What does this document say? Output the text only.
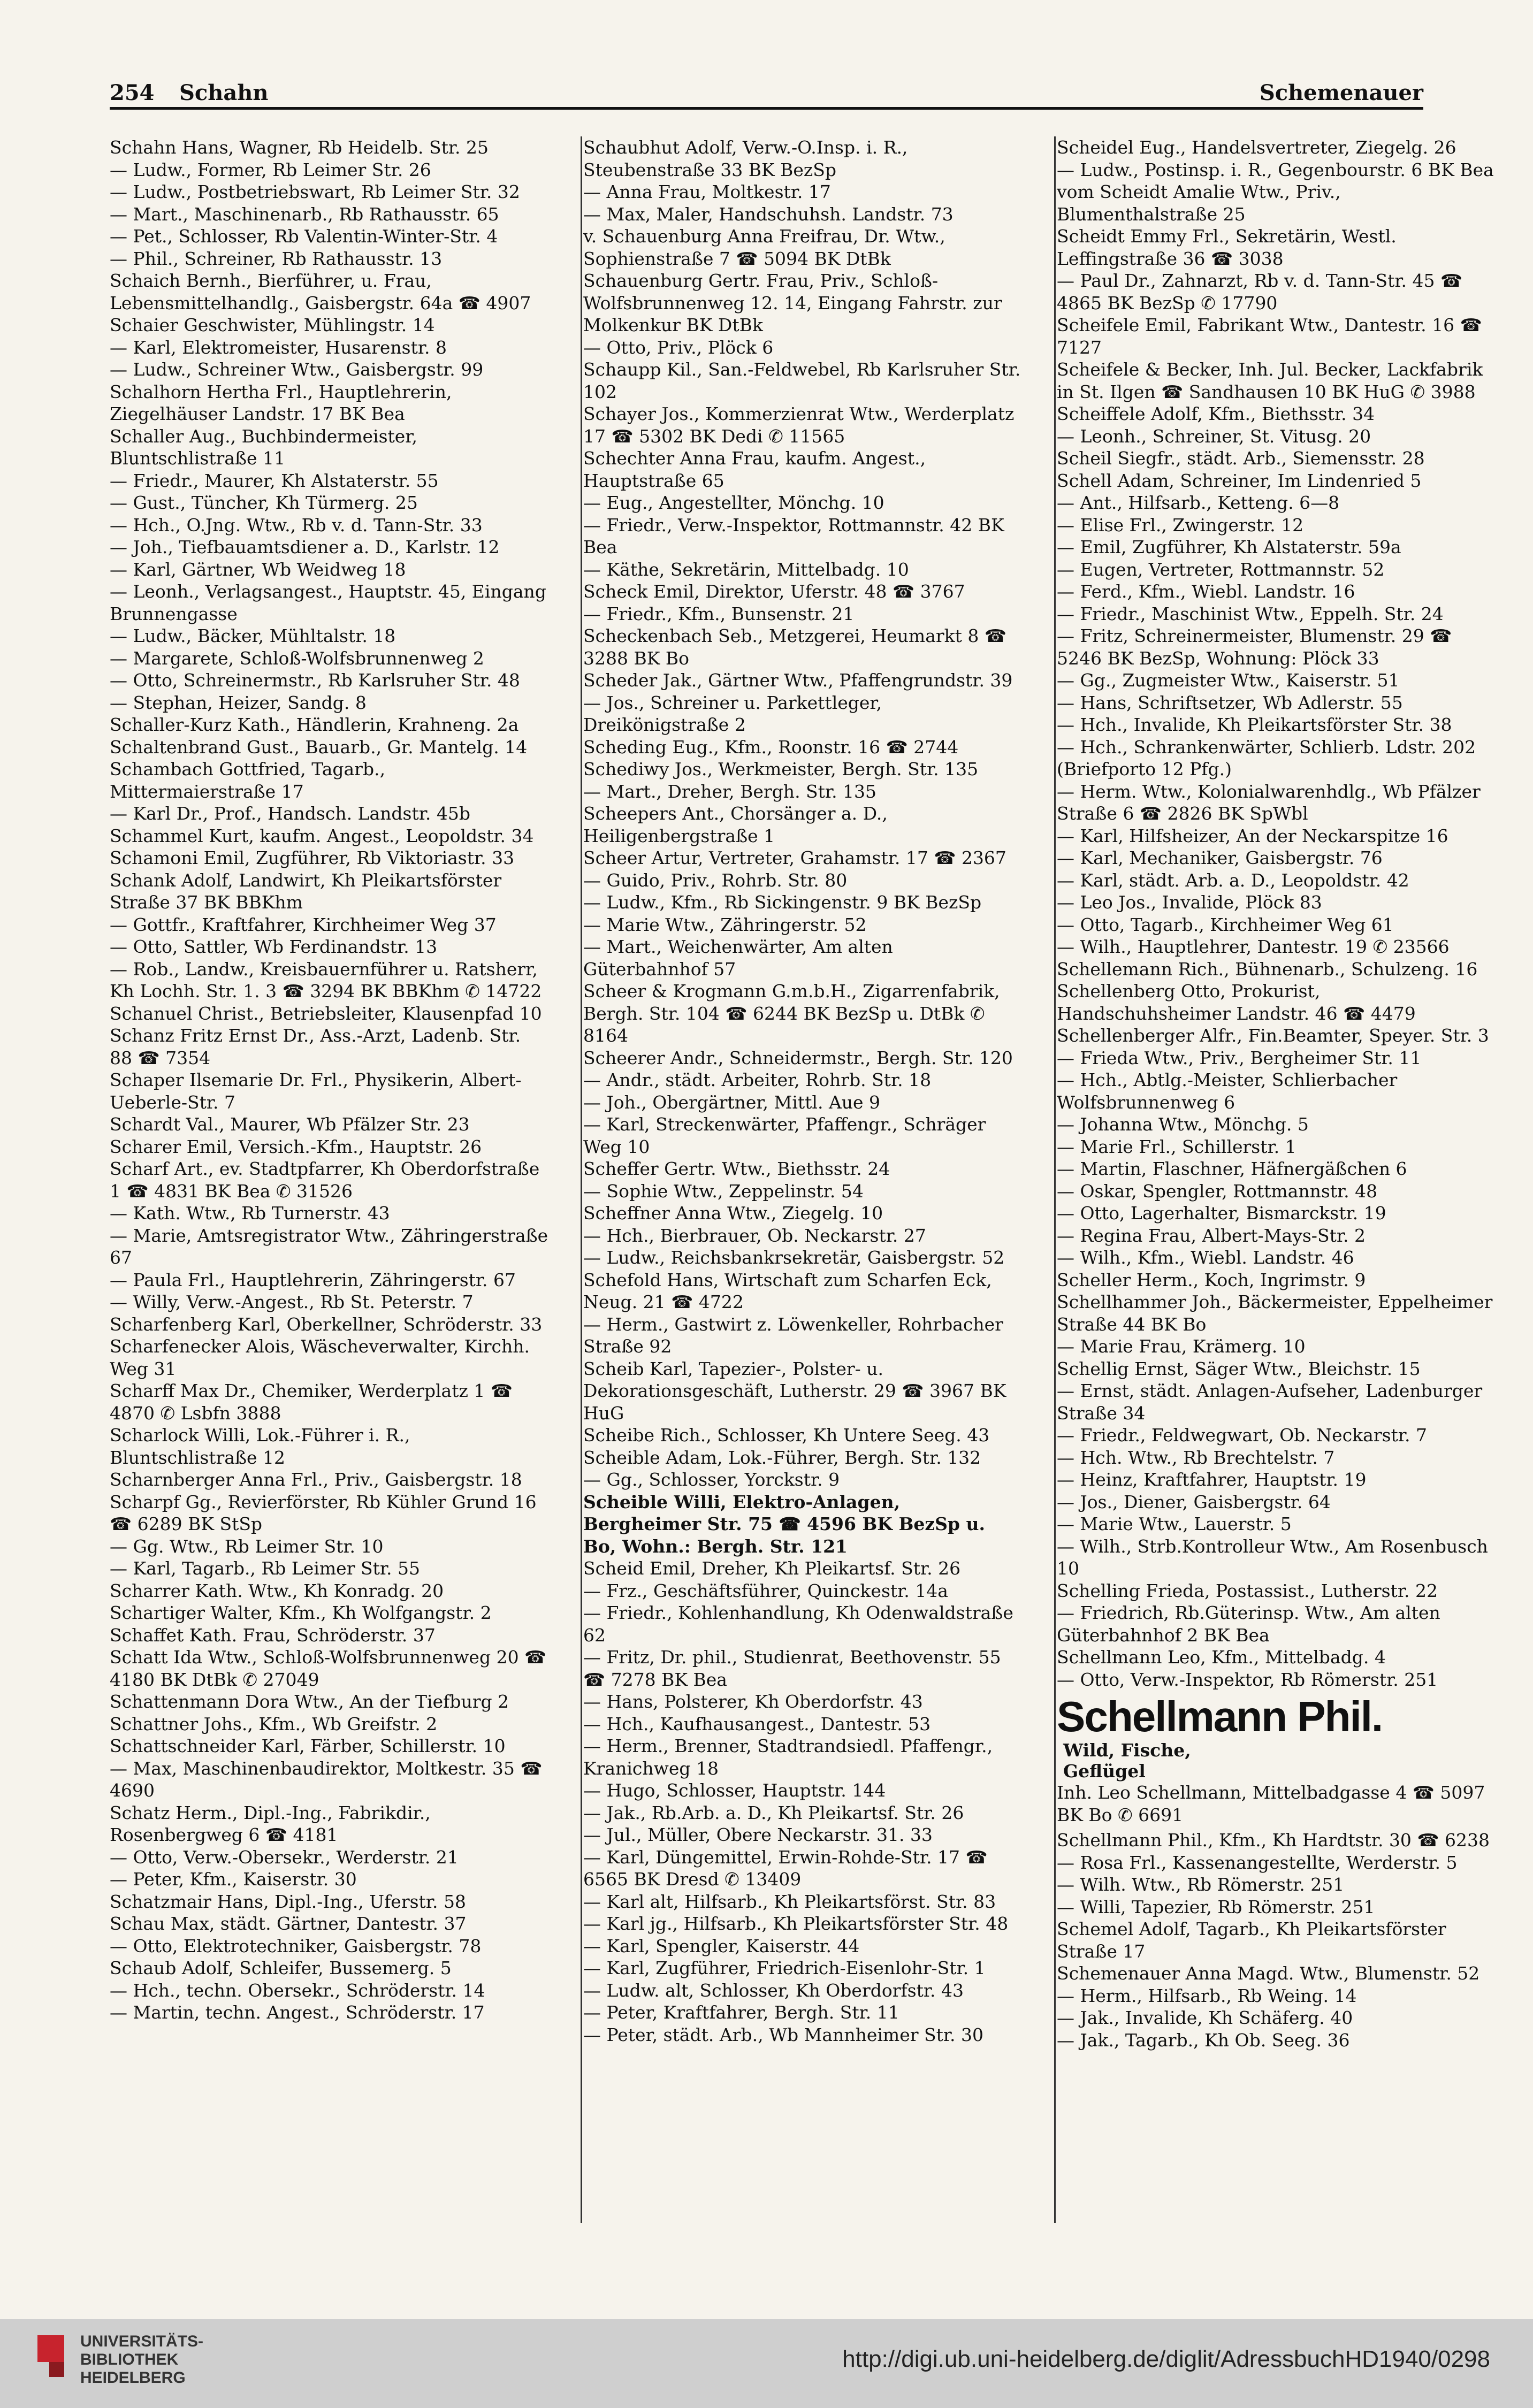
254 Schahn	Schemenauer
Schahn Hans, Wagner, Rb Heidelb. Str. 25
— Ludw., Former, Rb Leimer Str. 26
— Ludw., Postbetriebswart, Rb Leimer Str. 32
— Mart., Maschinenarb., Rb Rathausstr. 65
— Pet., Schlosser, Rb Valentin-Winter-Str. 4
— Phil., Schreiner, Rb Rathausstr. 13
Schaich Bernh., Bierführer, u. Frau, Lebensmittelhandlg., Gaisbergstr. 64a ☎ 4907
Schaier Geschwister, Mühlingstr. 14
— Karl, Elektromeister, Husarenstr. 8
— Ludw., Schreiner Wtw., Gaisbergstr. 99
Schalhorn Hertha Frl., Hauptlehrerin, Ziegelhäuser Landstr. 17 BK Bea
Schaller Aug., Buchbindermeister, Bluntschlistraße 11
— Friedr., Maurer, Kh Alstaterstr. 55
— Gust., Tüncher, Kh Türmerg. 25
— Hch., O.Jng. Wtw., Rb v. d. Tann-Str. 33
— Joh., Tiefbauamtsdiener a. D., Karlstr. 12
— Karl, Gärtner, Wb Weidweg 18
— Leonh., Verlagsangest., Hauptstr. 45, Eingang Brunnengasse
— Ludw., Bäcker, Mühltalstr. 18
— Margarete, Schloß-Wolfsbrunnenweg 2
— Otto, Schreinermstr., Rb Karlsruher Str. 48
— Stephan, Heizer, Sandg. 8
Schaller-Kurz Kath., Händlerin, Krahneng. 2a
Schaltenbrand Gust., Bauarb., Gr. Mantelg. 14
Schambach Gottfried, Tagarb., Mittermaierstraße 17
— Karl Dr., Prof., Handsch. Landstr. 45b
Schammel Kurt, kaufm. Angest., Leopoldstr. 34
Schamoni Emil, Zugführer, Rb Viktoriastr. 33
Schank Adolf, Landwirt, Kh Pleikartsförster Straße 37 BK BBKhm
— Gottfr., Kraftfahrer, Kirchheimer Weg 37
— Otto, Sattler, Wb Ferdinandstr. 13
— Rob., Landw., Kreisbauernführer u. Ratsherr, Kh Lochh. Str. 1. 3 ☎ 3294 BK BBKhm ✆ 14722
Schanuel Christ., Betriebsleiter, Klausenpfad 10
Schanz Fritz Ernst Dr., Ass.-Arzt, Ladenb. Str. 88 ☎ 7354
Schaper Ilsemarie Dr. Frl., Physikerin, Albert-Ueberle-Str. 7
Schardt Val., Maurer, Wb Pfälzer Str. 23
Scharer Emil, Versich.-Kfm., Hauptstr. 26
Scharf Art., ev. Stadtpfarrer, Kh Oberdorfstraße 1 ☎ 4831 BK Bea ✆ 31526
— Kath. Wtw., Rb Turnerstr. 43
— Marie, Amtsregistrator Wtw., Zähringerstraße 67
— Paula Frl., Hauptlehrerin, Zähringerstr. 67
— Willy, Verw.-Angest., Rb St. Peterstr. 7
Scharfenberg Karl, Oberkellner, Schröderstr. 33
Scharfenecker Alois, Wäscheverwalter, Kirchh. Weg 31
Scharff Max Dr., Chemiker, Werderplatz 1 ☎ 4870 ✆ Lsbfn 3888
Scharlock Willi, Lok.-Führer i. R., Bluntschlistraße 12
Scharnberger Anna Frl., Priv., Gaisbergstr. 18
Scharpf Gg., Revierförster, Rb Kühler Grund 16 ☎ 6289 BK StSp
— Gg. Wtw., Rb Leimer Str. 10
— Karl, Tagarb., Rb Leimer Str. 55
Scharrer Kath. Wtw., Kh Konradg. 20
Schartiger Walter, Kfm., Kh Wolfgangstr. 2
Schaffet Kath. Frau, Schröderstr. 37
Schatt Ida Wtw., Schloß-Wolfsbrunnenweg 20 ☎ 4180 BK DtBk ✆ 27049
Schattenmann Dora Wtw., An der Tiefburg 2
Schattner Johs., Kfm., Wb Greifstr. 2
Schattschneider Karl, Färber, Schillerstr. 10
— Max, Maschinenbaudirektor, Moltkestr. 35 ☎ 4690
Schatz Herm., Dipl.-Ing., Fabrikdir., Rosenbergweg 6 ☎ 4181
— Otto, Verw.-Obersekr., Werderstr. 21
— Peter, Kfm., Kaiserstr. 30
Schatzmair Hans, Dipl.-Ing., Uferstr. 58
Schau Max, städt. Gärtner, Dantestr. 37
— Otto, Elektrotechniker, Gaisbergstr. 78
Schaub Adolf, Schleifer, Bussemerg. 5
— Hch., techn. Obersekr., Schröderstr. 14
— Martin, techn. Angest., Schröderstr. 17
Schaubhut Adolf, Verw.-O.Insp. i. R., Steubenstraße 33 BK BezSp
— Anna Frau, Moltkestr. 17
— Max, Maler, Handschuhsh. Landstr. 73
v. Schauenburg Anna Freifrau, Dr. Wtw., Sophienstraße 7 ☎ 5094 BK DtBk
Schauenburg Gertr. Frau, Priv., Schloß-Wolfsbrunnenweg 12. 14, Eingang Fahrstr. zur Molkenkur BK DtBk
— Otto, Priv., Plöck 6
Schaupp Kil., San.-Feldwebel, Rb Karlsruher Str. 102
Schayer Jos., Kommerzienrat Wtw., Werderplatz 17 ☎ 5302 BK Dedi ✆ 11565
Schechter Anna Frau, kaufm. Angest., Hauptstraße 65
— Eug., Angestellter, Mönchg. 10
— Friedr., Verw.-Inspektor, Rottmannstr. 42 BK Bea
— Käthe, Sekretärin, Mittelbadg. 10
Scheck Emil, Direktor, Uferstr. 48 ☎ 3767
— Friedr., Kfm., Bunsenstr. 21
Scheckenbach Seb., Metzgerei, Heumarkt 8 ☎ 3288 BK Bo
Scheder Jak., Gärtner Wtw., Pfaffengrundstr. 39
— Jos., Schreiner u. Parkettleger, Dreikönigstraße 2
Scheding Eug., Kfm., Roonstr. 16 ☎ 2744
Schediwy Jos., Werkmeister, Bergh. Str. 135
— Mart., Dreher, Bergh. Str. 135
Scheepers Ant., Chorsänger a. D., Heiligenbergstraße 1
Scheer Artur, Vertreter, Grahamstr. 17 ☎ 2367
— Guido, Priv., Rohrb. Str. 80
— Ludw., Kfm., Rb Sickingenstr. 9 BK BezSp
— Marie Wtw., Zähringerstr. 52
— Mart., Weichenwärter, Am alten Güterbahnhof 57
Scheer & Krogmann G.m.b.H., Zigarrenfabrik, Bergh. Str. 104 ☎ 6244 BK BezSp u. DtBk ✆ 8164
Scheerer Andr., Schneidermstr., Bergh. Str. 120
— Andr., städt. Arbeiter, Rohrb. Str. 18
— Joh., Obergärtner, Mittl. Aue 9
— Karl, Streckenwärter, Pfaffengr., Schräger Weg 10
Scheffer Gertr. Wtw., Biethsstr. 24
— Sophie Wtw., Zeppelinstr. 54
Scheffner Anna Wtw., Ziegelg. 10
— Hch., Bierbrauer, Ob. Neckarstr. 27
— Ludw., Reichsbankrsekretär, Gaisbergstr. 52
Schefold Hans, Wirtschaft zum Scharfen Eck, Neug. 21 ☎ 4722
— Herm., Gastwirt z. Löwenkeller, Rohrbacher Straße 92
Scheib Karl, Tapezier-, Polster- u. Dekorationsgeschäft, Lutherstr. 29 ☎ 3967 BK HuG
Scheibe Rich., Schlosser, Kh Untere Seeg. 43
Scheible Adam, Lok.-Führer, Bergh. Str. 132
— Gg., Schlosser, Yorckstr. 9
Scheible Willi, Elektro-Anlagen, Bergheimer Str. 75 ☎ 4596 BK BezSp u. Bo, Wohn.: Bergh. Str. 121
Scheid Emil, Dreher, Kh Pleikartsf. Str. 26
— Frz., Geschäftsführer, Quinckestr. 14a
— Friedr., Kohlenhandlung, Kh Odenwaldstraße 62
— Fritz, Dr. phil., Studienrat, Beethovenstr. 55 ☎ 7278 BK Bea
— Hans, Polsterer, Kh Oberdorfstr. 43
— Hch., Kaufhausangest., Dantestr. 53
— Herm., Brenner, Stadtrandsiedl. Pfaffengr., Kranichweg 18
— Hugo, Schlosser, Hauptstr. 144
— Jak., Rb.Arb. a. D., Kh Pleikartsf. Str. 26
— Jul., Müller, Obere Neckarstr. 31. 33
— Karl, Düngemittel, Erwin-Rohde-Str. 17 ☎ 6565 BK Dresd ✆ 13409
— Karl alt, Hilfsarb., Kh Pleikartsförst. Str. 83
— Karl jg., Hilfsarb., Kh Pleikartsförster Str. 48
— Karl, Spengler, Kaiserstr. 44
— Karl, Zugführer, Friedrich-Eisenlohr-Str. 1
— Ludw. alt, Schlosser, Kh Oberdorfstr. 43
— Peter, Kraftfahrer, Bergh. Str. 11
— Peter, städt. Arb., Wb Mannheimer Str. 30
Scheidel Eug., Handelsvertreter, Ziegelg. 26
— Ludw., Postinsp. i. R., Gegenbourstr. 6 BK Bea
vom Scheidt Amalie Wtw., Priv., Blumenthalstraße 25
Scheidt Emmy Frl., Sekretärin, Westl. Leffingstraße 36 ☎ 3038
— Paul Dr., Zahnarzt, Rb v. d. Tann-Str. 45 ☎ 4865 BK BezSp ✆ 17790
Scheifele Emil, Fabrikant Wtw., Dantestr. 16 ☎ 7127
Scheifele & Becker, Inh. Jul. Becker, Lackfabrik in St. Ilgen ☎ Sandhausen 10 BK HuG ✆ 3988
Scheiffele Adolf, Kfm., Biethsstr. 34
— Leonh., Schreiner, St. Vitusg. 20
Scheil Siegfr., städt. Arb., Siemensstr. 28
Schell Adam, Schreiner, Im Lindenried 5
— Ant., Hilfsarb., Ketteng. 6—8
— Elise Frl., Zwingerstr. 12
— Emil, Zugführer, Kh Alstaterstr. 59a
— Eugen, Vertreter, Rottmannstr. 52
— Ferd., Kfm., Wiebl. Landstr. 16
— Friedr., Maschinist Wtw., Eppelh. Str. 24
— Fritz, Schreinermeister, Blumenstr. 29 ☎ 5246 BK BezSp, Wohnung: Plöck 33
— Gg., Zugmeister Wtw., Kaiserstr. 51
— Hans, Schriftsetzer, Wb Adlerstr. 55
— Hch., Invalide, Kh Pleikartsförster Str. 38
— Hch., Schrankenwärter, Schlierb. Ldstr. 202 (Briefporto 12 Pfg.)
— Herm. Wtw., Kolonialwarenhdlg., Wb Pfälzer Straße 6 ☎ 2826 BK SpWbl
— Karl, Hilfsheizer, An der Neckarspitze 16
— Karl, Mechaniker, Gaisbergstr. 76
— Karl, städt. Arb. a. D., Leopoldstr. 42
— Leo Jos., Invalide, Plöck 83
— Otto, Tagarb., Kirchheimer Weg 61
— Wilh., Hauptlehrer, Dantestr. 19 ✆ 23566
Schellemann Rich., Bühnenarb., Schulzeng. 16
Schellenberg Otto, Prokurist, Handschuhsheimer Landstr. 46 ☎ 4479
Schellenberger Alfr., Fin.Beamter, Speyer. Str. 3
— Frieda Wtw., Priv., Bergheimer Str. 11
— Hch., Abtlg.-Meister, Schlierbacher Wolfsbrunnenweg 6
— Johanna Wtw., Mönchg. 5
— Marie Frl., Schillerstr. 1
— Martin, Flaschner, Häfnergäßchen 6
— Oskar, Spengler, Rottmannstr. 48
— Otto, Lagerhalter, Bismarckstr. 19
— Regina Frau, Albert-Mays-Str. 2
— Wilh., Kfm., Wiebl. Landstr. 46
Scheller Herm., Koch, Ingrimstr. 9
Schellhammer Joh., Bäckermeister, Eppelheimer Straße 44 BK Bo
— Marie Frau, Krämerg. 10
Schellig Ernst, Säger Wtw., Bleichstr. 15
— Ernst, städt. Anlagen-Aufseher, Ladenburger Straße 34
— Friedr., Feldwegwart, Ob. Neckarstr. 7
— Hch. Wtw., Rb Brechtelstr. 7
— Heinz, Kraftfahrer, Hauptstr. 19
— Jos., Diener, Gaisbergstr. 64
— Marie Wtw., Lauerstr. 5
— Wilh., Strb.Kontrolleur Wtw., Am Rosenbusch 10
Schelling Frieda, Postassist., Lutherstr. 22
— Friedrich, Rb.Güterinsp. Wtw., Am alten Güterbahnhof 2 BK Bea
Schellmann Leo, Kfm., Mittelbadg. 4
— Otto, Verw.-Inspektor, Rb Römerstr. 251
Schellmann Phil.
Wild, Fische,
Geflügel
Inh. Leo Schellmann, Mittelbadgasse 4 ☎ 5097 BK Bo ✆ 6691
Schellmann Phil., Kfm., Kh Hardtstr. 30 ☎ 6238
— Rosa Frl., Kassenangestellte, Werderstr. 5
— Wilh. Wtw., Rb Römerstr. 251
— Willi, Tapezier, Rb Römerstr. 251
Schemel Adolf, Tagarb., Kh Pleikartsförster Straße 17
Schemenauer Anna Magd. Wtw., Blumenstr. 52
— Herm., Hilfsarb., Rb Weing. 14
— Jak., Invalide, Kh Schäferg. 40
— Jak., Tagarb., Kh Ob. Seeg. 36
UNIVERSITÄTS-
BIBLIOTHEK
HEIDELBERG
http://digi.ub.uni-heidelberg.de/diglit/AdressbuchHD1940/0298
